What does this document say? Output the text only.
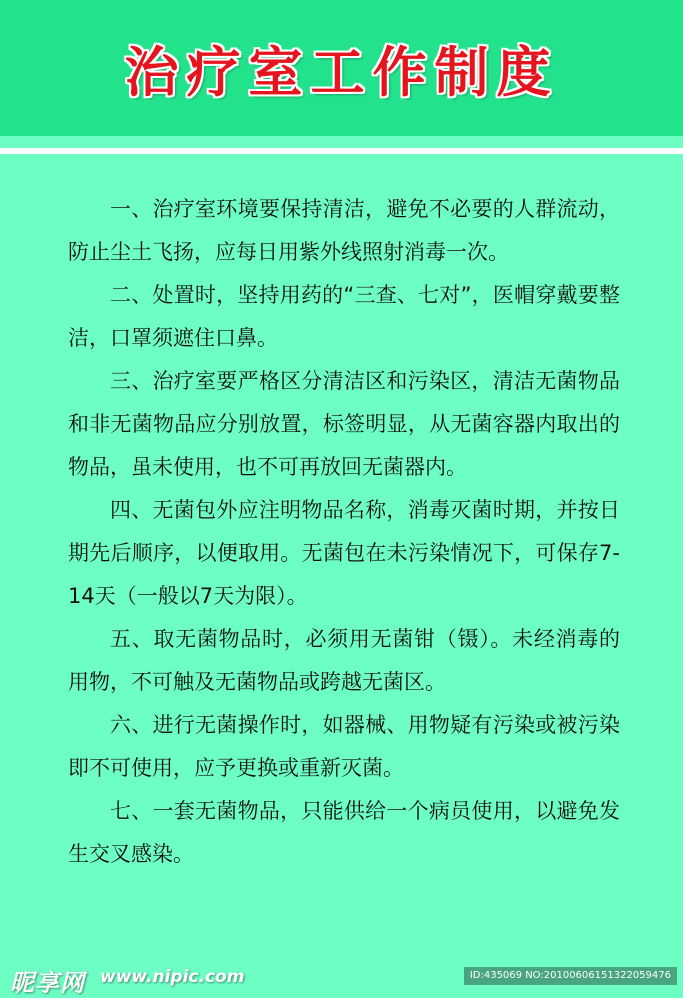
治疗室工作制度

一、治疗室环境要保持清洁，避免不必要的人群流动，防止尘土飞扬，应每日用紫外线照射消毒一次。

二、处置时，坚持用药的“三查、七对”，医帽穿戴要整洁，口罩须遮住口鼻。

三、治疗室要严格区分清洁区和污染区，清洁无菌物品和非无菌物品应分别放置，标签明显，从无菌容器内取出的物品，虽未使用，也不可再放回无菌器内。

四、无菌包外应注明物品名称，消毒灭菌时期，并按日期先后顺序，以便取用。无菌包在未污染情况下，可保存7-14天（一般以7天为限）。

五、取无菌物品时，必须用无菌钳（镊）。未经消毒的用物，不可触及无菌物品或跨越无菌区。

六、进行无菌操作时，如器械、用物疑有污染或被污染即不可使用，应予更换或重新灭菌。

七、一套无菌物品，只能供给一个病员使用，以避免发生交叉感染。

昵享网 www.nipic.com	ID:435069 NO:20100606151322059476
